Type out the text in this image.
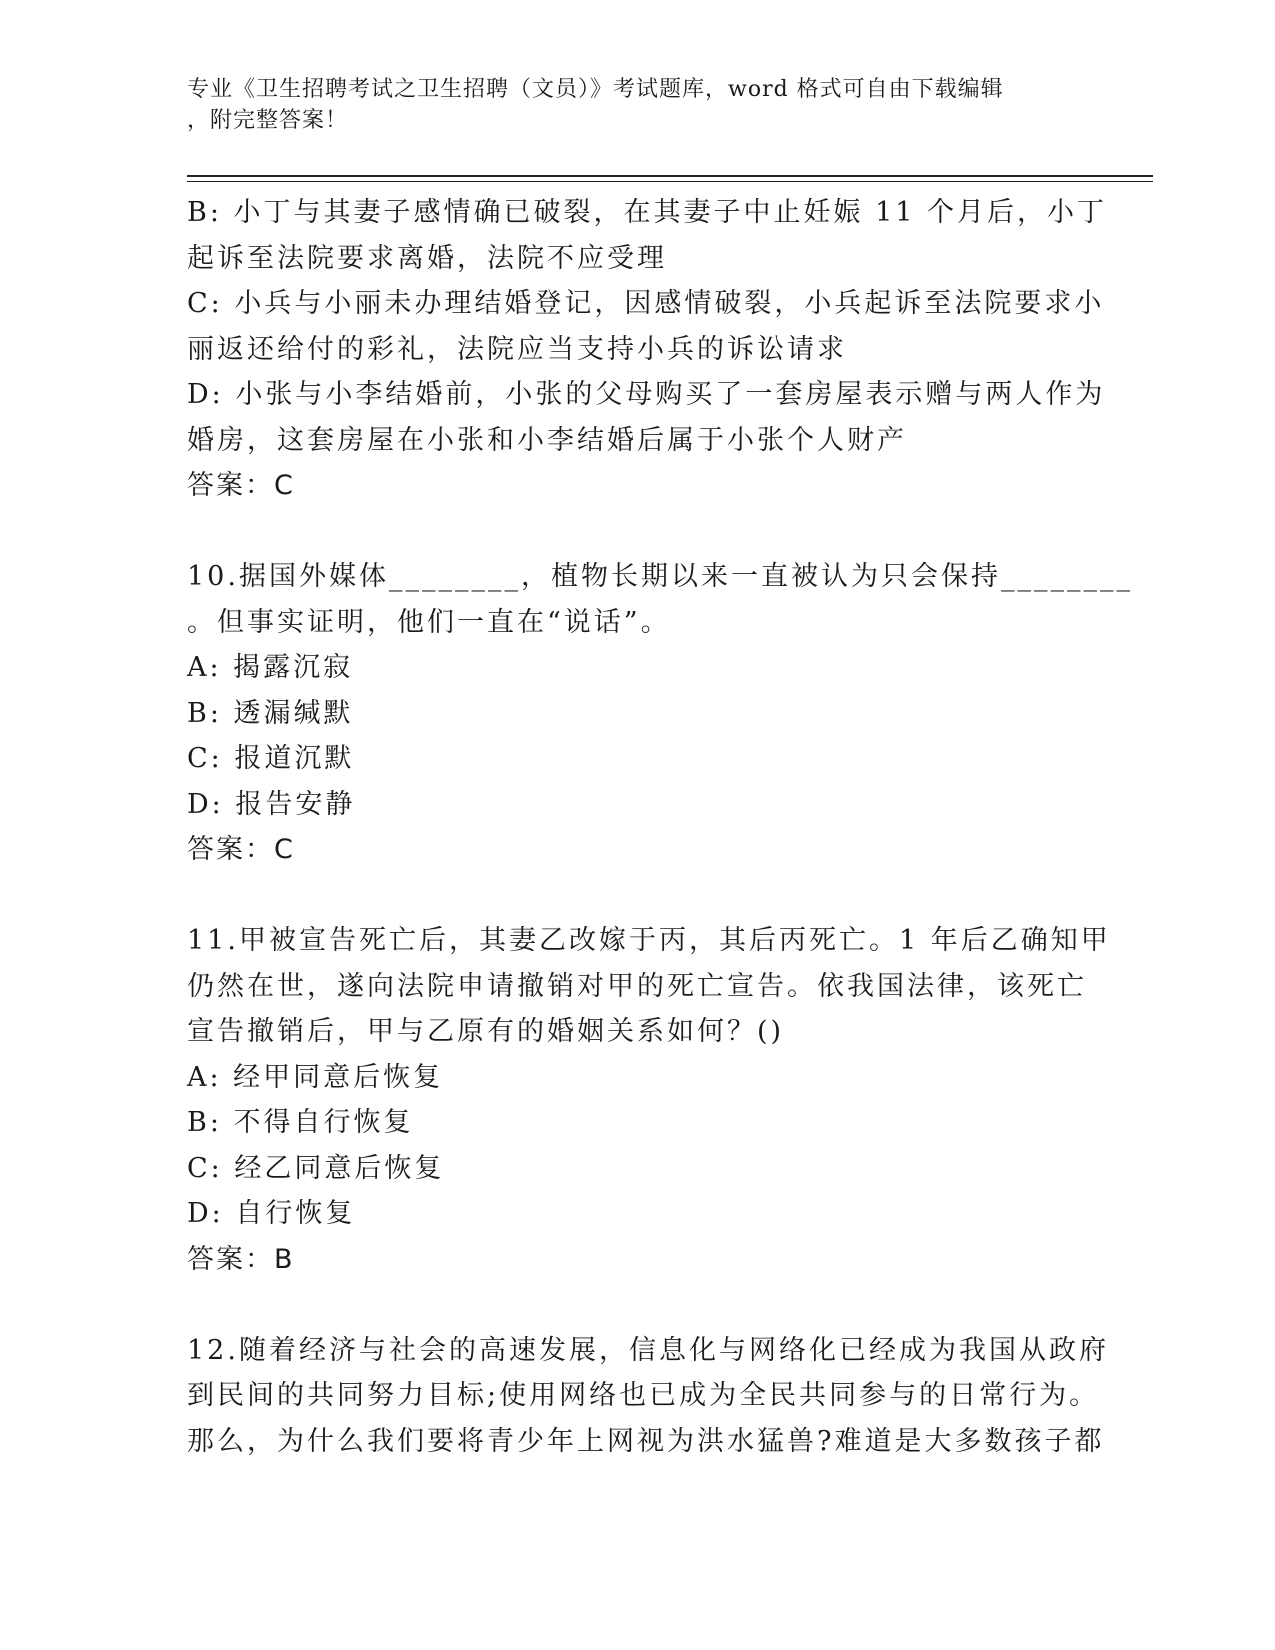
专业《卫生招聘考试之卫生招聘（文员）》考试题库，word 格式可自由下载编辑
，附完整答案！
B: 小丁与其妻子感情确已破裂，在其妻子中止妊娠 11 个月后，小丁
起诉至法院要求离婚，法院不应受理
C: 小兵与小丽未办理结婚登记，因感情破裂，小兵起诉至法院要求小
丽返还给付的彩礼，法院应当支持小兵的诉讼请求
D: 小张与小李结婚前，小张的父母购买了一套房屋表示赠与两人作为
婚房，这套房屋在小张和小李结婚后属于小张个人财产
答案：C
10.据国外媒体________，植物长期以来一直被认为只会保持________
。但事实证明，他们一直在“说话”。
A: 揭露沉寂
B: 透漏缄默
C: 报道沉默
D: 报告安静
答案：C
11.甲被宣告死亡后，其妻乙改嫁于丙，其后丙死亡。1 年后乙确知甲
仍然在世，遂向法院申请撤销对甲的死亡宣告。依我国法律，该死亡
宣告撤销后，甲与乙原有的婚姻关系如何？()
A: 经甲同意后恢复
B: 不得自行恢复
C: 经乙同意后恢复
D: 自行恢复
答案：B
12.随着经济与社会的高速发展，信息化与网络化已经成为我国从政府
到民间的共同努力目标;使用网络也已成为全民共同参与的日常行为。
那么，为什么我们要将青少年上网视为洪水猛兽?难道是大多数孩子都
